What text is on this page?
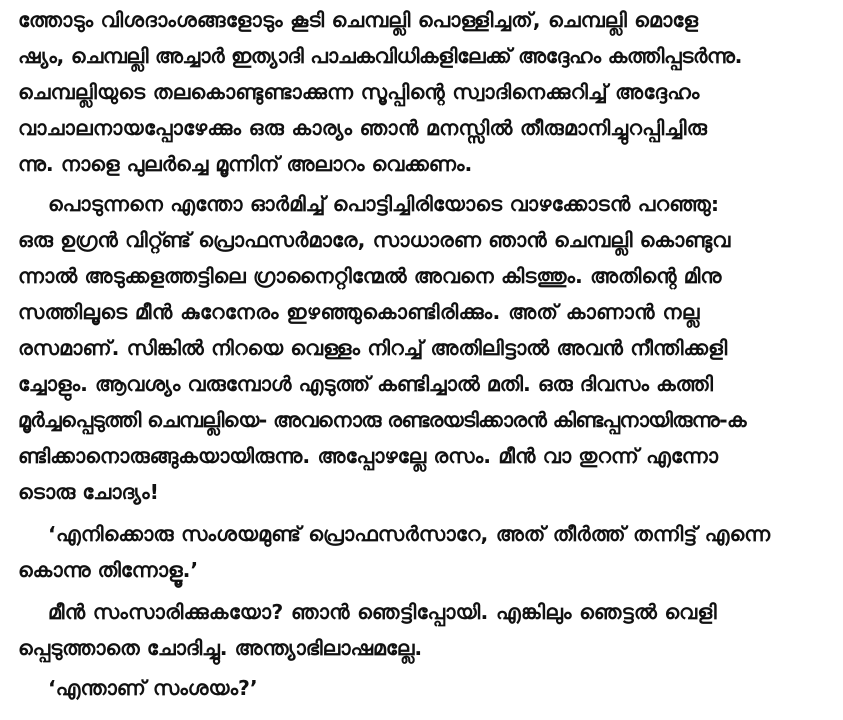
ത്തോടും വിശദാംശങ്ങളോടും കൂടി ചെമ്പല്ലി പൊള്ളിച്ചത്, ചെമ്പല്ലി മൊളേ
ഷ്യം, ചെമ്പല്ലി അച്ചാർ ഇത്യാദി പാചകവിധികളിലേക്ക് അദ്ദേഹം കത്തിപ്പടർന്നു.
ചെമ്പല്ലിയുടെ തലകൊണ്ടുണ്ടാക്കുന്ന സൂപ്പിന്റെ സ്വാദിനെക്കുറിച്ച് അദ്ദേഹം
വാചാലനായപ്പോഴേക്കും ഒരു കാര്യം ഞാൻ മനസ്സിൽ തീരുമാനിച്ചുറപ്പിച്ചിരു
ന്നു. നാളെ പുലർച്ചെ മൂന്നിന് അലാറം വെക്കണം.
പൊടുന്നനെ എന്തോ ഓർമിച്ച് പൊട്ടിച്ചിരിയോടെ വാഴക്കോടൻ പറഞ്ഞു:
ഒരു ഉഗ്രൻ വിറ്റ്ണ്ട് പ്രൊഫസർമാരേ, സാധാരണ ഞാൻ ചെമ്പല്ലി കൊണ്ടുവ
ന്നാൽ അടുക്കളത്തട്ടിലെ ഗ്രാനൈറ്റിന്മേൽ അവനെ കിടത്തും. അതിന്റെ മിനു
സത്തിലൂടെ മീൻ കുറേനേരം ഇഴഞ്ഞുകൊണ്ടിരിക്കും. അത് കാണാൻ നല്ല
രസമാണ്. സിങ്കിൽ നിറയെ വെള്ളം നിറച്ച് അതിലിട്ടാൽ അവൻ നീന്തിക്കളി
ച്ചോളും. ആവശ്യം വരുമ്പോൾ എടുത്ത് കണ്ടിച്ചാൽ മതി. ഒരു ദിവസം കത്തി
മൂർച്ചപ്പെടുത്തി ചെമ്പല്ലിയെ- അവനൊരു രണ്ടരയടിക്കാരൻ കിണ്ടപ്പനായിരുന്നു-ക
ണ്ടിക്കാനൊരുങ്ങുകയായിരുന്നു. അപ്പോഴല്ലേ രസം. മീൻ വാ തുറന്ന് എന്നോ
ടൊരു ചോദ്യം!
‘എനിക്കൊരു സംശയമുണ്ട് പ്രൊഫസർസാറേ, അത് തീർത്ത് തന്നിട്ട് എന്നെ
കൊന്നു തിന്നോളൂ.’
മീൻ സംസാരിക്കുകയോ? ഞാൻ ഞെട്ടിപ്പോയി. എങ്കിലും ഞെട്ടൽ വെളി
പ്പെടുത്താതെ ചോദിച്ചു. അന്ത്യാഭിലാഷമല്ലേ.
‘എന്താണ് സംശയം?’
